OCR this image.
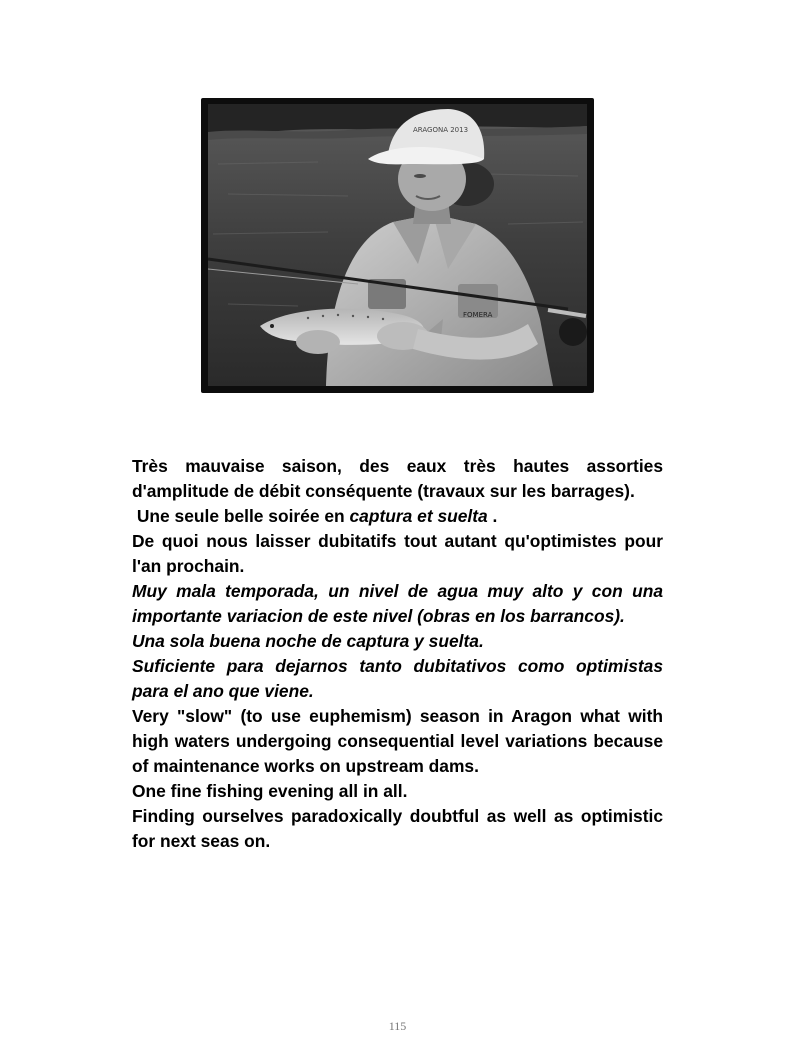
FOMERA
ARAGONA 2013

Très mauvaise saison, des eaux très hautes assorties d'amplitude de débit conséquente (travaux sur les barrages).

Une seule belle soirée en captura et suelta .

De quoi nous laisser dubitatifs tout autant qu'optimistes pour l'an prochain.

Muy mala temporada, un nivel de agua muy alto y con una importante variacion de este nivel (obras en los barrancos).

Una sola buena noche de captura y suelta.

Suficiente para dejarnos tanto dubitativos como optimistas para el ano que viene.

Very "slow" (to use euphemism) season in Aragon what with high waters undergoing consequential level variations because of maintenance works on upstream dams.

One fine fishing evening all in all.

Finding ourselves paradoxically doubtful as well as optimistic for next seas on.

115
